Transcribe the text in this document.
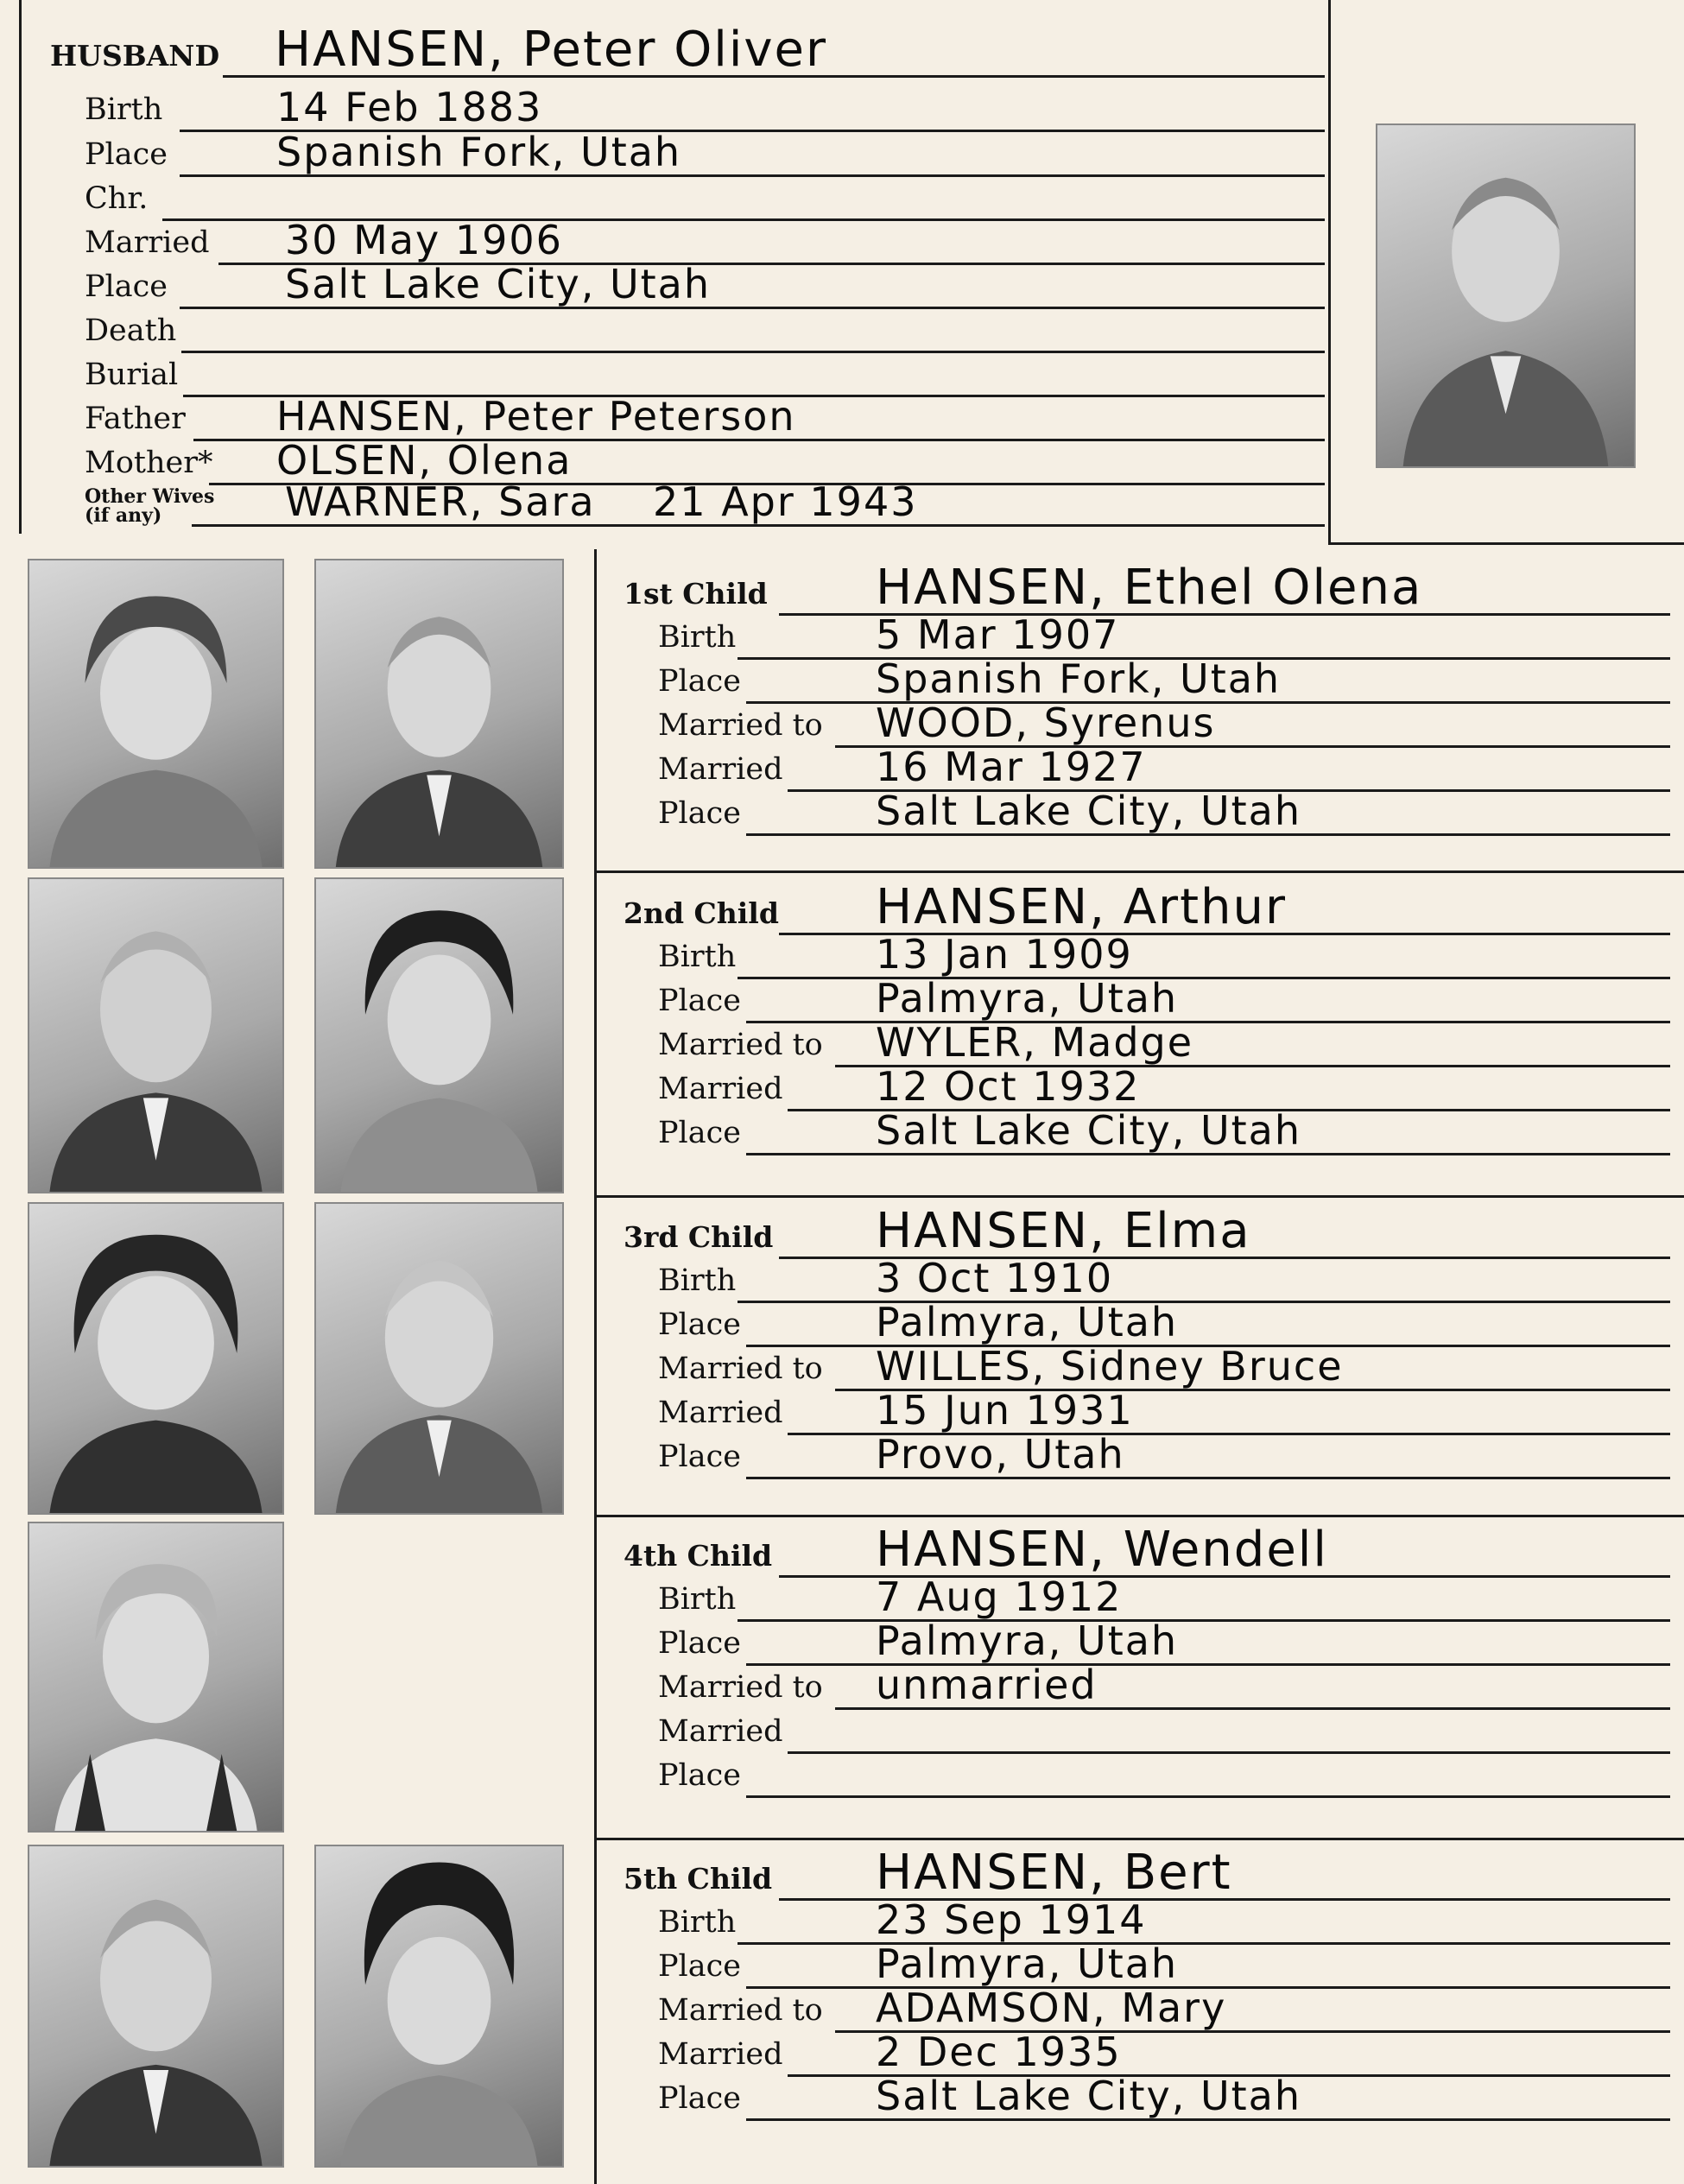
HUSBAND HANSEN, Peter Oliver
Birth	14 Feb 1883
Place	Spanish Fork, Utah
Chr.
Married 30 May 1906
Place	Salt Lake City, Utah
Death
Burial
Father HANSEN, Peter Peterson
Mother* OLSEN, Olena
Other Wives
(if any)	WARNER, Sara    21 Apr 1943
1st Child HANSEN, Ethel Olena
Birth	5 Mar 1907
Place	Spanish Fork, Utah
Married to WOOD, Syrenus
Married 16 Mar 1927
Place	Salt Lake City, Utah
2nd Child HANSEN, Arthur
Birth	13 Jan 1909
Place	Palmyra, Utah
Married to WYLER, Madge
Married 12 Oct 1932
Place	Salt Lake City, Utah
3rd Child HANSEN, Elma
Birth	3 Oct 1910
Place	Palmyra, Utah
Married to WILLES, Sidney Bruce
Married 15 Jun 1931
Place	Provo, Utah
4th Child HANSEN, Wendell
Birth	7 Aug 1912
Place	Palmyra, Utah
Married to unmarried
Married
Place
5th Child HANSEN, Bert
Birth	23 Sep 1914
Place	Palmyra, Utah
Married to ADAMSON, Mary
Married 2 Dec 1935
Place	Salt Lake City, Utah
